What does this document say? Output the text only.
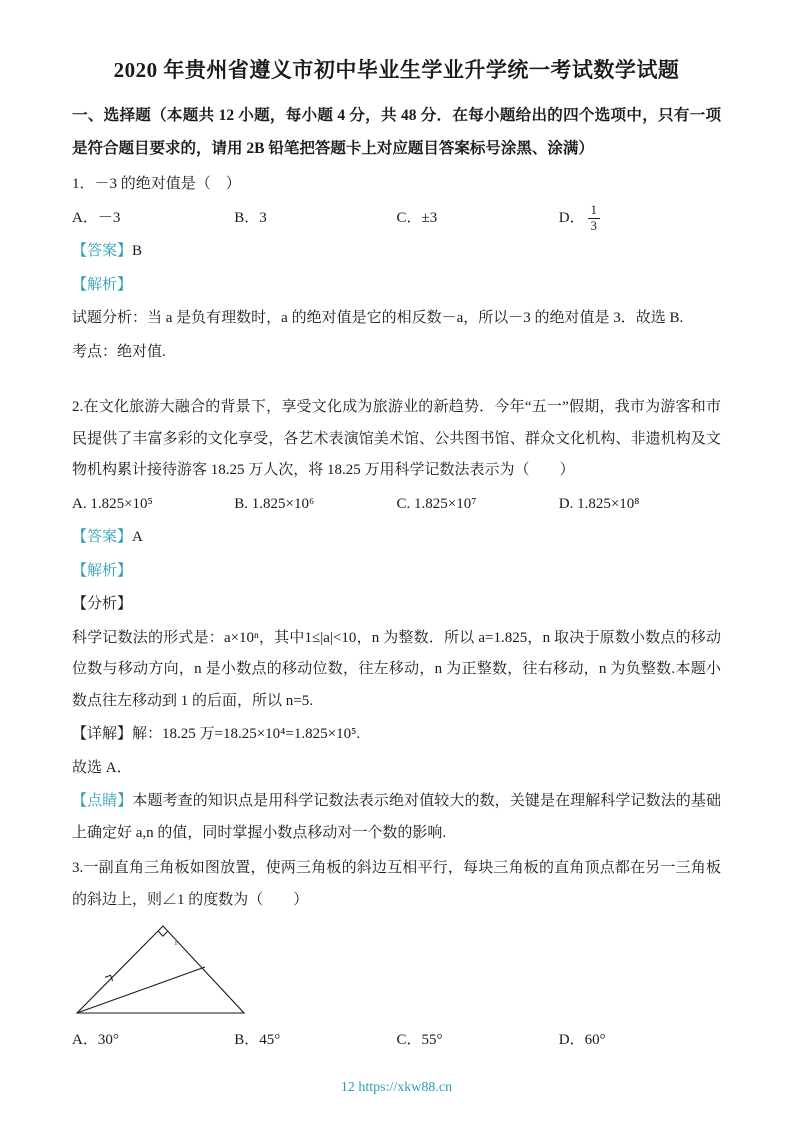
2020 年贵州省遵义市初中毕业生学业升学统一考试数学试题

一、选择题（本题共 12 小题，每小题 4 分，共 48 分．在每小题给出的四个选项中，只有一项是符合题目要求的，请用 2B 铅笔把答题卡上对应题目答案标号涂黑、涂满）

1．－3 的绝对值是（　）

A．－3	B．3	C．±3	D． $\frac{1}{3}$

【答案】B

【解析】

试题分析：当 a 是负有理数时，a 的绝对值是它的相反数－a，所以－3 的绝对值是 3．故选 B.

考点：绝对值.

2.在文化旅游大融合的背景下，享受文化成为旅游业的新趋势．今年“五一”假期，我市为游客和市民提供了丰富多彩的文化享受，各艺术表演馆美术馆、公共图书馆、群众文化机构、非遗机构及文物机构累计接待游客 18.25 万人次，将 18.25 万用科学记数法表示为（　　）

A. 1.825×10⁵	B. 1.825×10⁶	C. 1.825×10⁷	D. 1.825×10⁸

【答案】A

【解析】

【分析】

科学记数法的形式是：a×10ⁿ，其中1≤|a|<10，n 为整数．所以 a=1.825，n 取决于原数小数点的移动位数与移动方向，n 是小数点的移动位数，往左移动，n 为正整数，往右移动，n 为负整数.本题小数点往左移动到 1 的后面，所以 n=5.

【详解】解：18.25 万=18.25×10⁴=1.825×10⁵.

故选 A．

【点睛】本题考查的知识点是用科学记数法表示绝对值较大的数，关键是在理解科学记数法的基础上确定好 a,n 的值，同时掌握小数点移动对一个数的影响.

3.一副直角三角板如图放置，使两三角板的斜边互相平行，每块三角板的直角顶点都在另一三角板的斜边上，则∠1 的度数为（　　）

1
A．30°	B．45°	C．55°	D．60°
12 https://xkw88.cn
